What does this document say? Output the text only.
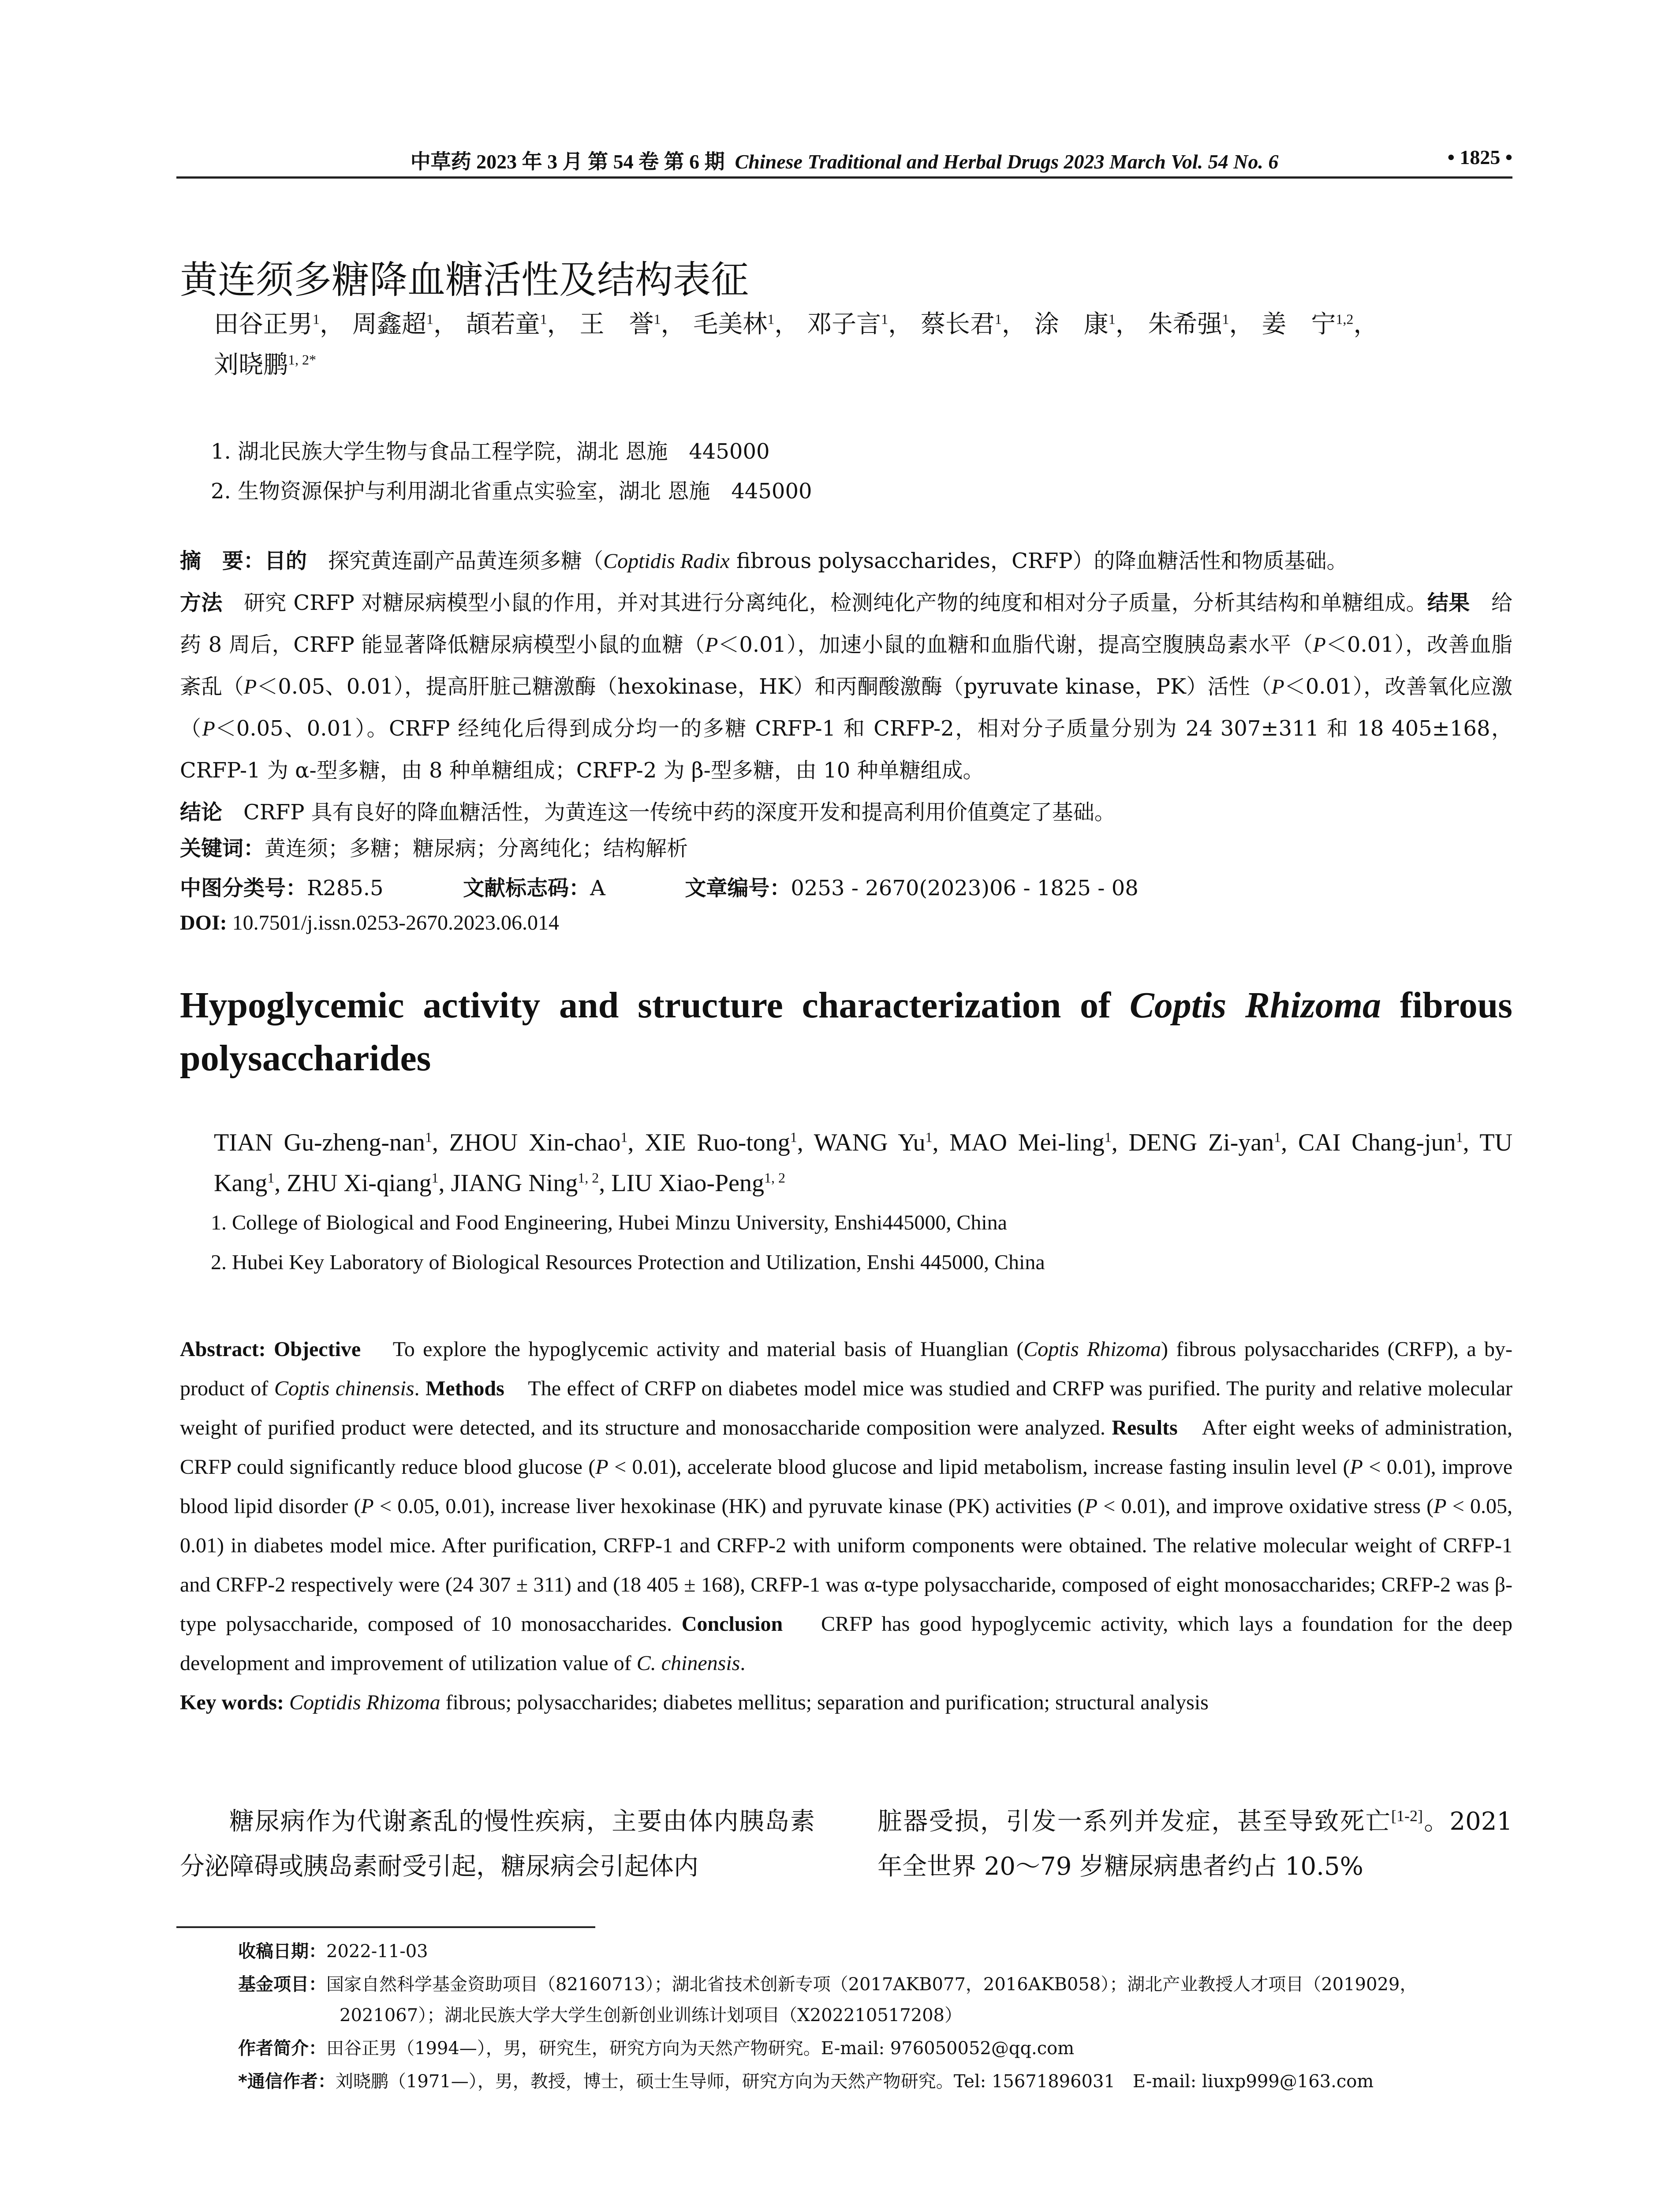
中草药 2023 年 3 月 第 54 卷 第 6 期 Chinese Traditional and Herbal Drugs 2023 March Vol. 54 No. 6	• 1825 •
黄连须多糖降血糖活性及结构表征
田谷正男$^1$， 周鑫超$^1$， 頡若童$^1$， 王　誉$^1$， 毛美林$^1$， 邓子言$^1$， 蔡长君$^1$， 涂　康$^1$， 朱希强$^1$， 姜　宁$^{1,2}$，
刘晓鹏$^{1, 2*}$
1. 湖北民族大学生物与食品工程学院，湖北 恩施　445000
2. 生物资源保护与利用湖北省重点实验室，湖北 恩施　445000
摘　要：目的　 探究黄连副产品黄连须多糖（Coptidis Radix fibrous polysaccharides，CRFP）的降血糖活性和物质基础。
方法　 研究 CRFP 对糖尿病模型小鼠的作用，并对其进行分离纯化，检测纯化产物的纯度和相对分子质量，分析其结构和单糖组成。结果　 给药 8 周后，CRFP 能显著降低糖尿病模型小鼠的血糖（P＜0.01），加速小鼠的血糖和血脂代谢，提高空腹胰岛素水平（P＜0.01），改善血脂紊乱（P＜0.05、0.01），提高肝脏己糖激酶（hexokinase，HK）和丙酮酸激酶（pyruvate kinase，PK）活性（P＜0.01），改善氧化应激（P＜0.05、0.01）。CRFP 经纯化后得到成分均一的多糖 CRFP-1 和 CRFP-2，相对分子质量分别为 24 307±311 和 18 405±168，CRFP-1 为 α-型多糖，由 8 种单糖组成；CRFP-2 为 β-型多糖，由 10 种单糖组成。
结论　 CRFP 具有良好的降血糖活性，为黄连这一传统中药的深度开发和提高利用价值奠定了基础。
关键词：黄连须；多糖；糖尿病；分离纯化；结构解析
中图分类号：R285.5	文献标志码：A	文章编号：0253 - 2670(2023)06 - 1825 - 08
DOI: 10.7501/j.issn.0253-2670.2023.06.014
Hypoglycemic activity and structure characterization of Coptis Rhizoma fibrous polysaccharides
TIAN Gu-zheng-nan$^1$, ZHOU Xin-chao$^1$, XIE Ruo-tong$^1$, WANG Yu$^1$, MAO Mei-ling$^1$, DENG Zi-yan$^1$, CAI Chang-jun$^1$, TU Kang$^1$, ZHU Xi-qiang$^1$, JIANG Ning$^{1, 2}$, LIU Xiao-Peng$^{1, 2}$
1. College of Biological and Food Engineering, Hubei Minzu University, Enshi445000, China
2. Hubei Key Laboratory of Biological Resources Protection and Utilization, Enshi 445000, China
Abstract: Objective To explore the hypoglycemic activity and material basis of Huanglian (Coptis Rhizoma) fibrous polysaccharides (CRFP), a by-product of Coptis chinensis. Methods The effect of CRFP on diabetes model mice was studied and CRFP was purified. The purity and relative molecular weight of purified product were detected, and its structure and monosaccharide composition were analyzed. Results After eight weeks of administration, CRFP could significantly reduce blood glucose (P < 0.01), accelerate blood glucose and lipid metabolism, increase fasting insulin level (P < 0.01), improve blood lipid disorder (P < 0.05, 0.01), increase liver hexokinase (HK) and pyruvate kinase (PK) activities (P < 0.01), and improve oxidative stress (P < 0.05, 0.01) in diabetes model mice. After purification, CRFP-1 and CRFP-2 with uniform components were obtained. The relative molecular weight of CRFP-1 and CRFP-2 respectively were (24 307 ± 311) and (18 405 ± 168), CRFP-1 was α-type polysaccharide, composed of eight monosaccharides; CRFP-2 was β-type polysaccharide, composed of 10 monosaccharides. Conclusion CRFP has good hypoglycemic activity, which lays a foundation for the deep development and improvement of utilization value of C. chinensis.
Key words: Coptidis Rhizoma fibrous; polysaccharides; diabetes mellitus; separation and purification; structural analysis
糖尿病作为代谢紊乱的慢性疾病，主要由体内胰岛素分泌障碍或胰岛素耐受引起，糖尿病会引起体内
脏器受损，引发一系列并发症，甚至导致死亡[1-2]。2021 年全世界 20～79 岁糖尿病患者约占 10.5%
收稿日期：2022-11-03
基金项目：国家自然科学基金资助项目（82160713）；湖北省技术创新专项（2017AKB077，2016AKB058）；湖北产业教授人才项目（2019029，
2021067）；湖北民族大学大学生创新创业训练计划项目（X202210517208）
作者简介：田谷正男（1994—），男，研究生，研究方向为天然产物研究。E-mail: 976050052@qq.com
*通信作者：刘晓鹏（1971—），男，教授，博士，硕士生导师，研究方向为天然产物研究。Tel: 15671896031　E-mail: liuxp999@163.com
